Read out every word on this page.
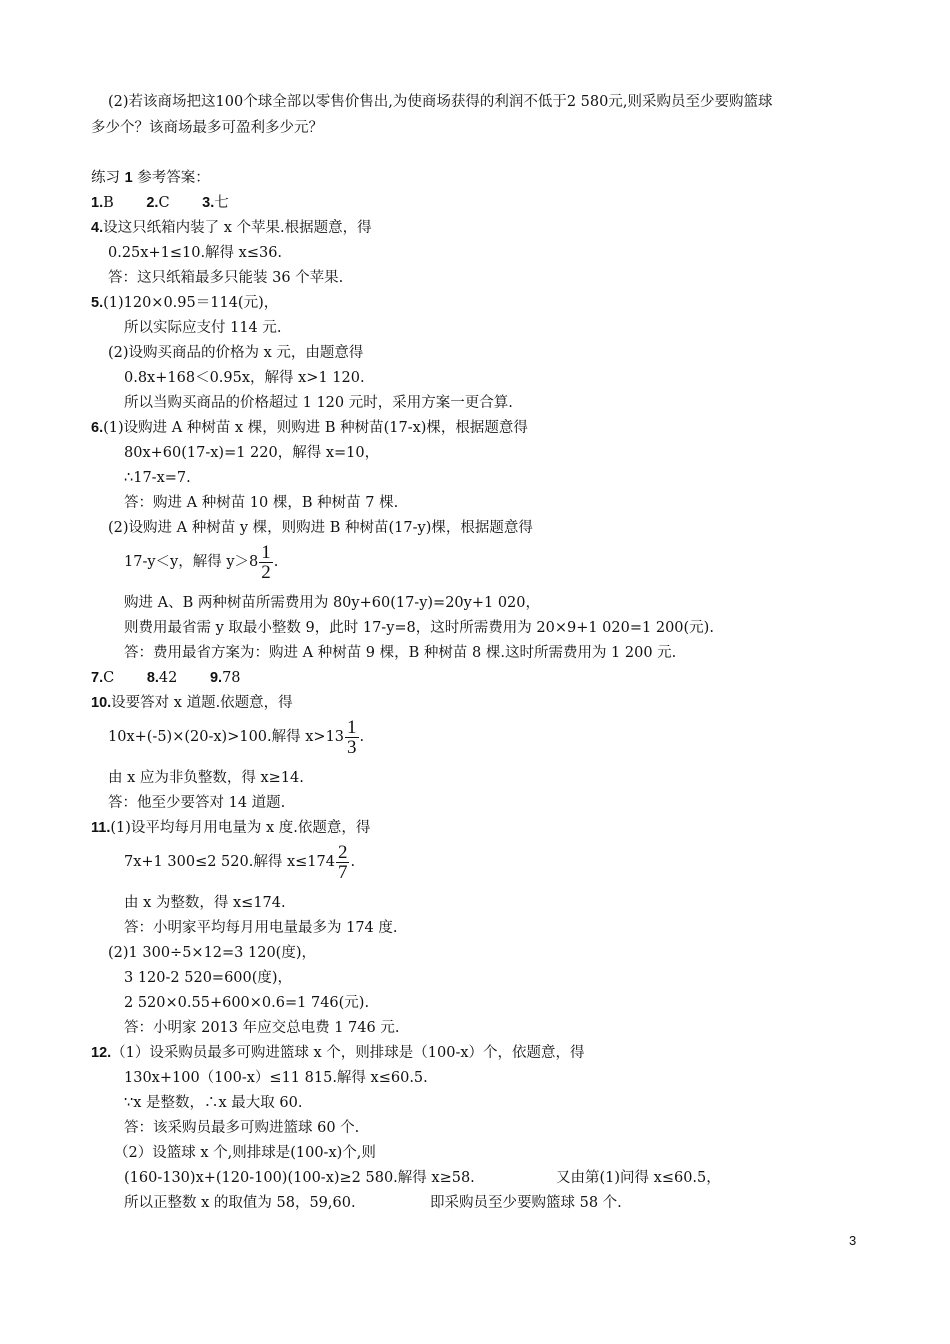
(2)若该商场把这100个球全部以零售价售出,为使商场获得的利润不低于2 580元,则采购员至少要购篮球
多少个？该商场最多可盈利多少元？
练习 1 参考答案：
1.B 2.C 3.七
4.设这只纸箱内装了 x 个苹果.根据题意，得
0.25x+1≤10.解得 x≤36.
答：这只纸箱最多只能装 36 个苹果.
5.(1)120×0.95＝114(元)，
所以实际应支付 114 元.
(2)设购买商品的价格为 x 元，由题意得
0.8x+168＜0.95x，解得 x>1 120.
所以当购买商品的价格超过 1 120 元时，采用方案一更合算.
6.(1)设购进 A 种树苗 x 棵，则购进 B 种树苗(17-x)棵，根据题意得
80x+60(17-x)=1 220，解得 x=10，
∴17-x=7.
答：购进 A 种树苗 10 棵，B 种树苗 7 棵.
(2)设购进 A 种树苗 y 棵，则购进 B 种树苗(17-y)棵，根据题意得
17-y＜y，解得 $y>8 \frac{1}{2}$ .
购进 A、B 两种树苗所需费用为 80y+60(17-y)=20y+1 020，
则费用最省需 y 取最小整数 9，此时 17-y=8，这时所需费用为 20×9+1 020=1 200(元).
答：费用最省方案为：购进 A 种树苗 9 棵，B 种树苗 8 棵.这时所需费用为 1 200 元.
7.C 8.42 9.78
10.设要答对 x 道题.依题意，得
10x+(-5)×(20-x)>100.解得 $x>13 \frac{1}{3}$ .
由 x 应为非负整数，得 x≥14.
答：他至少要答对 14 道题.
11.(1)设平均每月用电量为 x 度.依题意，得
7x+1 300≤2 520.解得 $x\le 174 \frac{2}{7}$ .
由 x 为整数，得 x≤174.
答：小明家平均每月用电量最多为 174 度.
(2)1 300÷5×12=3 120(度)，
3 120-2 520=600(度)，
2 520×0.55+600×0.6=1 746(元).
答：小明家 2013 年应交总电费 1 746 元.
12.（1）设采购员最多可购进篮球 x 个，则排球是（100-x）个，依题意，得
130x+100（100-x）≤11 815.解得 x≤60.5.
∵x 是整数，∴x 最大取 60.
答：该采购员最多可购进篮球 60 个.
（2）设篮球 x 个,则排球是(100-x)个,则
(160-130)x+(120-100)(100-x)≥2 580.解得 x≥58.	又由第(1)问得 x≤60.5，
所以正整数 x 的取值为 58，59,60.	即采购员至少要购篮球 58 个.
3
